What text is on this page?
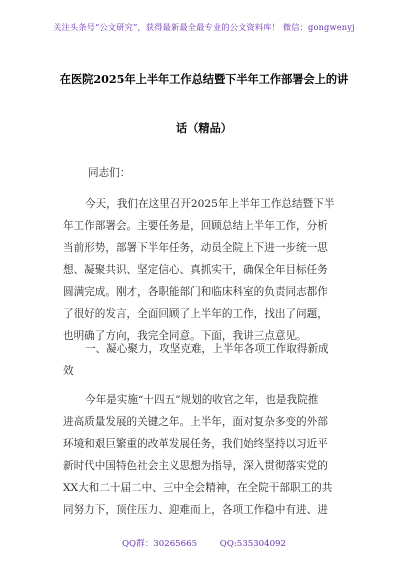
关注头条号“公文研究”，获得最新最全最专业的公文资料库！ 微信：gongwenyj
在医院2025年上半年工作总结暨下半年工作部署会上的讲
话（精品）
同志们：
今天，我们在这里召开2025年上半年工作总结暨下半
年工作部署会。主要任务是，回顾总结上半年工作，分析
当前形势，部署下半年任务，动员全院上下进一步统一思
想、凝聚共识、坚定信心、真抓实干，确保全年目标任务
圆满完成。刚才，各职能部门和临床科室的负责同志都作
了很好的发言，全面回顾了上半年的工作，找出了问题，
也明确了方向，我完全同意。下面，我讲三点意见。
一、凝心聚力，攻坚克难，上半年各项工作取得新成
效
今年是实施“十四五”规划的收官之年，也是我院推
进高质量发展的关键之年。上半年，面对复杂多变的外部
环境和艰巨繁重的改革发展任务，我们始终坚持以习近平
新时代中国特色社会主义思想为指导，深入贯彻落实党的
XX大和二十届二中、三中全会精神，在全院干部职工的共
同努力下，顶住压力、迎难而上，各项工作稳中有进、进
QQ群：30265665	QQ:535304092
